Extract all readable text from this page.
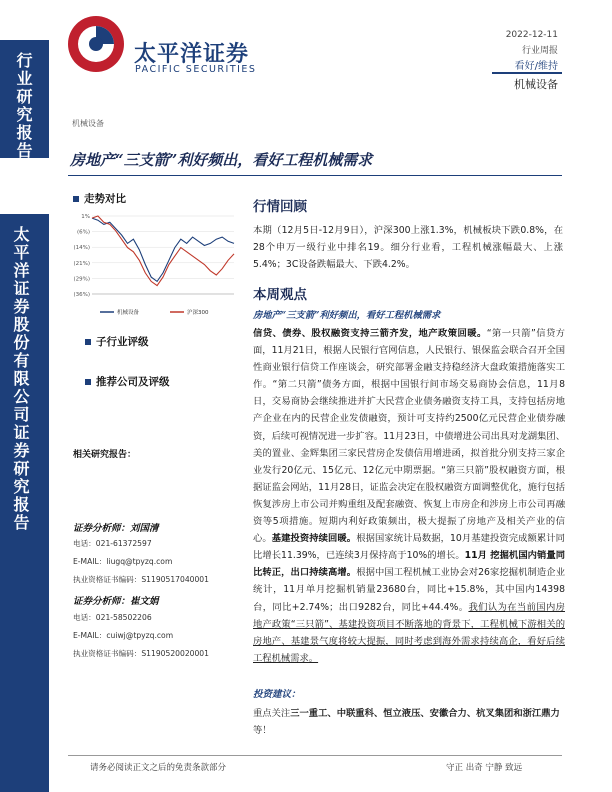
行业研究报告
太平洋证券股份有限公司证券研究报告
太平洋证券
PACIFIC SECURITIES
2022-12-11
行业周报
看好/维持
机械设备
机械设备
房地产“三支箭”利好频出，看好工程机械需求
走势对比
1%
(6%)
(14%)
(21%)
(29%)
(36%)
机械设备	沪深300
子行业评级
推荐公司及评级
相关研究报告：
证券分析师：刘国清
电话：021-61372597
E-MAIL：liugq@tpyzq.com
执业资格证书编码：S1190517040001
证券分析师：崔文娟
电话：021-58502206
E-MAIL：cuiwj@tpyzq.com
执业资格证书编码：S1190520020001
行情回顾
本期（12月5日-12月9日），沪深300上涨1.3%，机械板块下跌0.8%，在28个申万一级行业中排名19。细分行业看，工程机械涨幅最大、上涨5.4%；3C设备跌幅最大、下跌4.2%。
本周观点
房地产“三支箭”利好频出，看好工程机械需求
信贷、债券、股权融资支持三箭齐发，地产政策回暖。“第一只箭”信贷方面，11月21日，根据人民银行官网信息，人民银行、银保监会联合召开全国性商业银行信贷工作座谈会，研究部署金融支持稳经济大盘政策措施落实工作。“第二只箭”债务方面，根据中国银行间市场交易商协会信息，11月8日，交易商协会继续推进并扩大民营企业债务融资支持工具，支持包括房地产企业在内的民营企业发债融资，预计可支持约2500亿元民营企业债券融资，后续可视情况进一步扩容。11月23日，中债增进公司出具对龙湖集团、美的置业、金辉集团三家民营房企发债信用增进函，拟首批分别支持三家企业发行20亿元、15亿元、12亿元中期票据。“第三只箭”股权融资方面，根据证监会网站，11月28日，证监会决定在股权融资方面调整优化，施行包括恢复涉房上市公司并购重组及配套融资、恢复上市房企和涉房上市公司再融资等5项措施。短期内利好政策频出，极大提振了房地产及相关产业的信心。基建投资持续回暖。根据国家统计局数据，10月基建投资完成额累计同比增长11.39%，已连续3月保持高于10%的增长。11月 挖掘机国内销量同比转正，出口持续高增。根据中国工程机械工业协会对26家挖掘机制造企业统计，11月单月挖掘机销量23680台，同比+15.8%，其中国内14398台，同比+2.74%；出口9282台，同比+44.4%。我们认为在当前国内房地产政策“三只箭”、基建投资项目不断落地的背景下，工程机械下游相关的房地产、基建景气度将较大提振，同时考虑到海外需求持续高企，看好后续工程机械需求。
投资建议：
重点关注三一重工、中联重科、恒立液压、安徽合力、杭叉集团和浙江鼎力等！
请务必阅读正文之后的免责条款部分	守正 出奇 宁静 致远
